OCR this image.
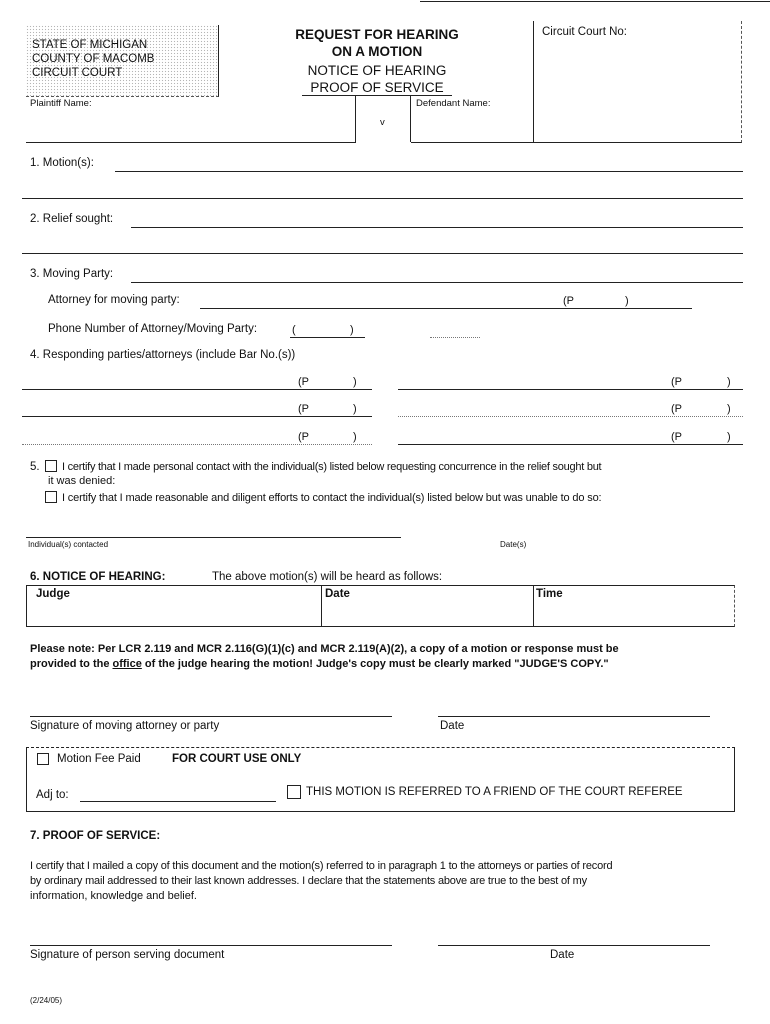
STATE OF MICHIGAN
COUNTY OF MACOMB
CIRCUIT COURT
REQUEST FOR HEARING
ON A MOTION
NOTICE OF HEARING
PROOF OF SERVICE
Circuit Court No:
Plaintiff Name:
v
Defendant Name:
1. Motion(s):
2. Relief sought:
3. Moving Party:
Attorney for moving party:	(P	)
Phone Number of Attorney/Moving Party:	(	)
4. Responding parties/attorneys (include Bar No.(s))
(P	)	(P	)
(P	)	(P	)
(P	)	(P	)
5. I certify that I made personal contact with the individual(s) listed below requesting concurrence in the relief sought but
it was denied:
I certify that I made reasonable and diligent efforts to contact the individual(s) listed below but was unable to do so:
Individual(s) contacted	Date(s)
6. NOTICE OF HEARING:	The above motion(s) will be heard as follows:
Judge	Date	Time
Please note: Per LCR 2.119 and MCR 2.116(G)(1)(c) and MCR 2.119(A)(2), a copy of a motion or response must be
provided to the office of the judge hearing the motion! Judge's copy must be clearly marked "JUDGE'S COPY."
Signature of moving attorney or party	Date
Motion Fee Paid	FOR COURT USE ONLY
Adj to:	THIS MOTION IS REFERRED TO A FRIEND OF THE COURT REFEREE
7. PROOF OF SERVICE:
I certify that I mailed a copy of this document and the motion(s) referred to in paragraph 1 to the attorneys or parties of record
by ordinary mail addressed to their last known addresses. I declare that the statements above are true to the best of my
information, knowledge and belief.
Signature of person serving document	Date
(2/24/05)
